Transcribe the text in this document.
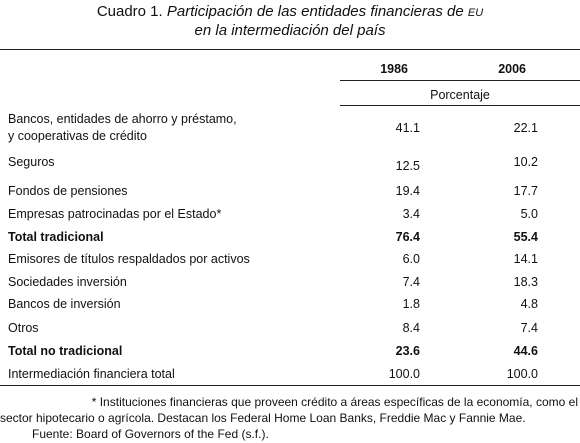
Cuadro 1. Participación de las entidades financieras de EU
en la intermediación del país
1986	2006
Porcentaje
Bancos, entidades de ahorro y préstamo,
y cooperativas de crédito
41.1	22.1
Seguros	12.5	10.2
Fondos de pensiones	19.4	17.7
Empresas patrocinadas por el Estado*	3.4	5.0
Total tradicional	76.4	55.4
Emisores de títulos respaldados por activos	6.0	14.1
Sociedades inversión	7.4	18.3
Bancos de inversión	1.8	4.8
Otros	8.4	7.4
Total no tradicional	23.6	44.6
Intermediación financiera total	100.0	100.0
* Instituciones financieras que proveen crédito a áreas específicas de la economía, como el
sector hipotecario o agrícola. Destacan los Federal Home Loan Banks, Freddie Mac y Fannie Mae.
Fuente: Board of Governors of the Fed (s.f.).
